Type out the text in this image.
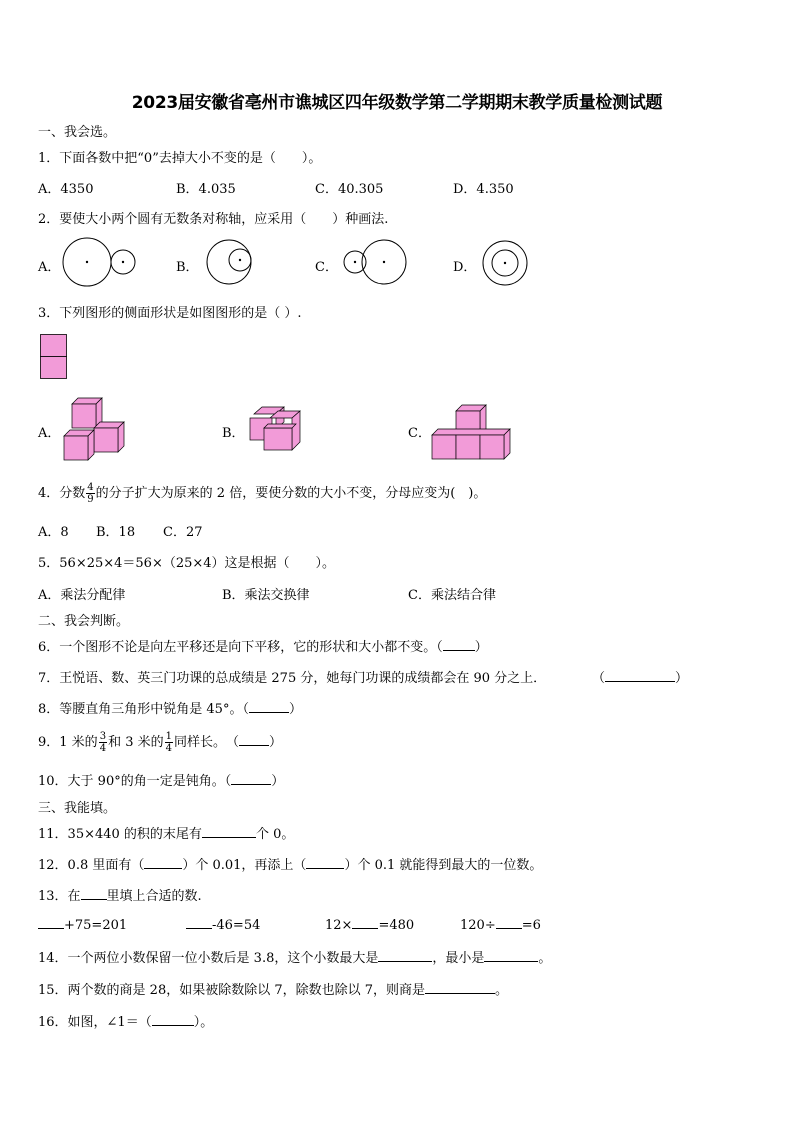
2023届安徽省亳州市谯城区四年级数学第二学期期末教学质量检测试题
一、我会选。
1．下面各数中把“0”去掉大小不变的是（　　）。
A．4350	B．4.035	C．40.305	D．4.350
2．要使大小两个圆有无数条对称轴，应采用（　　）种画法.
A．	B．	C．	D．
3．下列图形的侧面形状是如图图形的是（ ）.
A．	B．	C．
4．分数 $\frac{4}{9}$ 的分子扩大为原来的 2 倍，要使分数的大小不变，分母应变为(　)。
A．8 B．18 C．27
5．56×25×4＝56×（25×4）这是根据（　　）。
A．乘法分配律	B．乘法交换律	C．乘法结合律
二、我会判断。
6．一个图形不论是向左平移还是向下平移，它的形状和大小都不变。（ ）
7．王悦语、数、英三门功课的总成绩是 275 分，她每门功课的成绩都会在 90 分之上．	（	）
8．等腰直角三角形中锐角是 45°。（	）
9．1 米的 $\frac{3}{4}$ 和 3 米的 $\frac{1}{4}$ 同样长。　（ ）
10．大于 90°的角一定是钝角。（	）
三、我能填。
11．35×440 的积的末尾有	个 0。
12．0.8 里面有（	）个 0.01，再添上（	）个 0.1 就能得到最大的一位数。
13．在 里填上合适的数.
+75=201	-46=54	12× =480	120÷ =6
14．一个两位小数保留一位小数后是 3.8，这个小数最大是	，最小是	。
15．两个数的商是 28，如果被除数除以 7，除数也除以 7，则商是	。
16．如图，∠1＝（	）。
